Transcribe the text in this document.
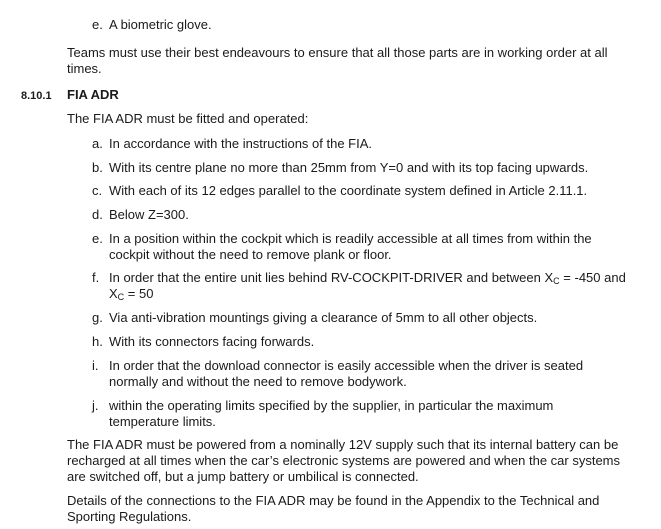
e. A biometric glove.

Teams must use their best endeavours to ensure that all those parts are in working order at all times.

8.10.1 FIA ADR

The FIA ADR must be fitted and operated:

a. In accordance with the instructions of the FIA.
b. With its centre plane no more than 25mm from Y=0 and with its top facing upwards.
c. With each of its 12 edges parallel to the coordinate system defined in Article 2.11.1.
d. Below Z=300.
e. In a position within the cockpit which is readily accessible at all times from within the cockpit without the need to remove plank or floor.
f. In order that the entire unit lies behind RV-COCKPIT-DRIVER and between $X_C = -450$ and $X_C = 50$
g. Via anti-vibration mountings giving a clearance of 5mm to all other objects.
h. With its connectors facing forwards.
i. In order that the download connector is easily accessible when the driver is seated normally and without the need to remove bodywork.
j. within the operating limits specified by the supplier, in particular the maximum temperature limits.

The FIA ADR must be powered from a nominally 12V supply such that its internal battery can be recharged at all times when the car’s electronic systems are powered and when the car systems are switched off, but a jump battery or umbilical is connected.

Details of the connections to the FIA ADR may be found in the Appendix to the Technical and Sporting Regulations.
